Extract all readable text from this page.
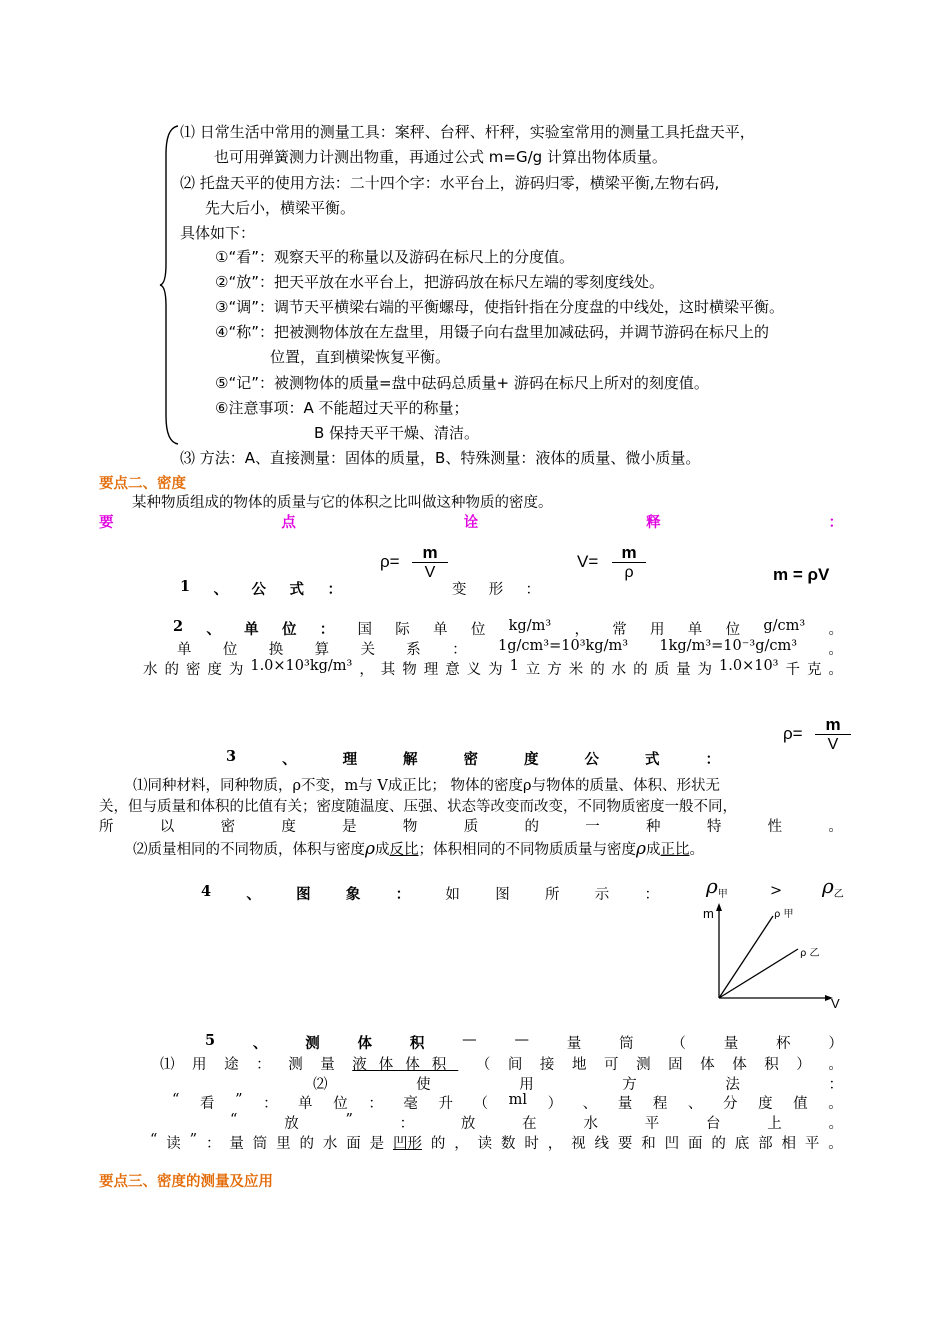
⑴ 日常生活中常用的测量工具：案秤、台秤、杆秤，实验室常用的测量工具托盘天平，
也可用弹簧测力计测出物重，再通过公式 m=G/g 计算出物体质量。
⑵ 托盘天平的使用方法：二十四个字：水平台上，游码归零，横梁平衡,左物右码,
先大后小，横梁平衡。
具体如下：
①“看”：观察天平的称量以及游码在标尺上的分度值。
②“放”：把天平放在水平台上，把游码放在标尺左端的零刻度线处。
③“调”：调节天平横梁右端的平衡螺母，使指针指在分度盘的中线处，这时横梁平衡。
④“称”：把被测物体放在左盘里，用镊子向右盘里加减砝码，并调节游码在标尺上的
位置，直到横梁恢复平衡。
⑤“记”：被测物体的质量=盘中砝码总质量+ 游码在标尺上所对的刻度值。
⑥注意事项：A 不能超过天平的称量；
B 保持天平干燥、清洁。
⑶ 方法：A、直接测量：固体的质量，B、特殊测量：液体的质量、微小质量。
要点二、密度
某种物质组成的物体的质量与它的体积之比叫做这种物质的密度。
要	点	诠	释	：
ρ=	m
V
V=	m
ρ	m = ρV
1 、 公 式 ：	变 形 ：
2 、 单 位 ： 国 际 单 位 kg/m³ ， 常 用 单 位 g/cm³ 。
单 位 换 算 关 系 ： 1g/cm³=10³kg/m³ 1kg/m³=10⁻³g/cm³ 。
水 的 密 度 为 1.0×10³kg/m³ ， 其 物 理 意 义 为 1 立 方 米 的 水 的 质 量 为 1.0×10³ 千 克 。
ρ=	m
V
3	、	理	解	密	度	公	式	：
⑴同种材料，同种物质，ρ不变，m与 V成正比； 物体的密度ρ与物体的质量、体积、形状无
关，但与质量和体积的比值有关；密度随温度、压强、状态等改变而改变，不同物质密度一般不同，
所	以	密	度	是	物	质	的	一	种	特	性	。
⑵质量相同的不同物质，体积与密度ρ成反比；体积相同的不同物质质量与密度ρ成正比。
4 、 图 象 ： 如 图 所 示 ： $\rho_甲$	> $\rho_乙$
m
V
ρ 甲
ρ 乙
5	、	测	体	积	—	—	量	筒	（	量	杯	）
⑴ 用 途 ： 测 量 液体体积 （ 间 接 地 可 测 固 体 体 积 ） 。
⑵	使	用	方	法	：
“ 看 ” ： 单 位 ： 毫 升 （ ml ） 、 量 程 、 分 度 值 。
“	放	”	：	放	在	水	平	台	上	。
“ 读 ” ： 量 筒 里 的 水 面 是 凹形 的 ， 读 数 时 ， 视 线 要 和 凹 面 的 底 部 相 平 。
要点三、密度的测量及应用
